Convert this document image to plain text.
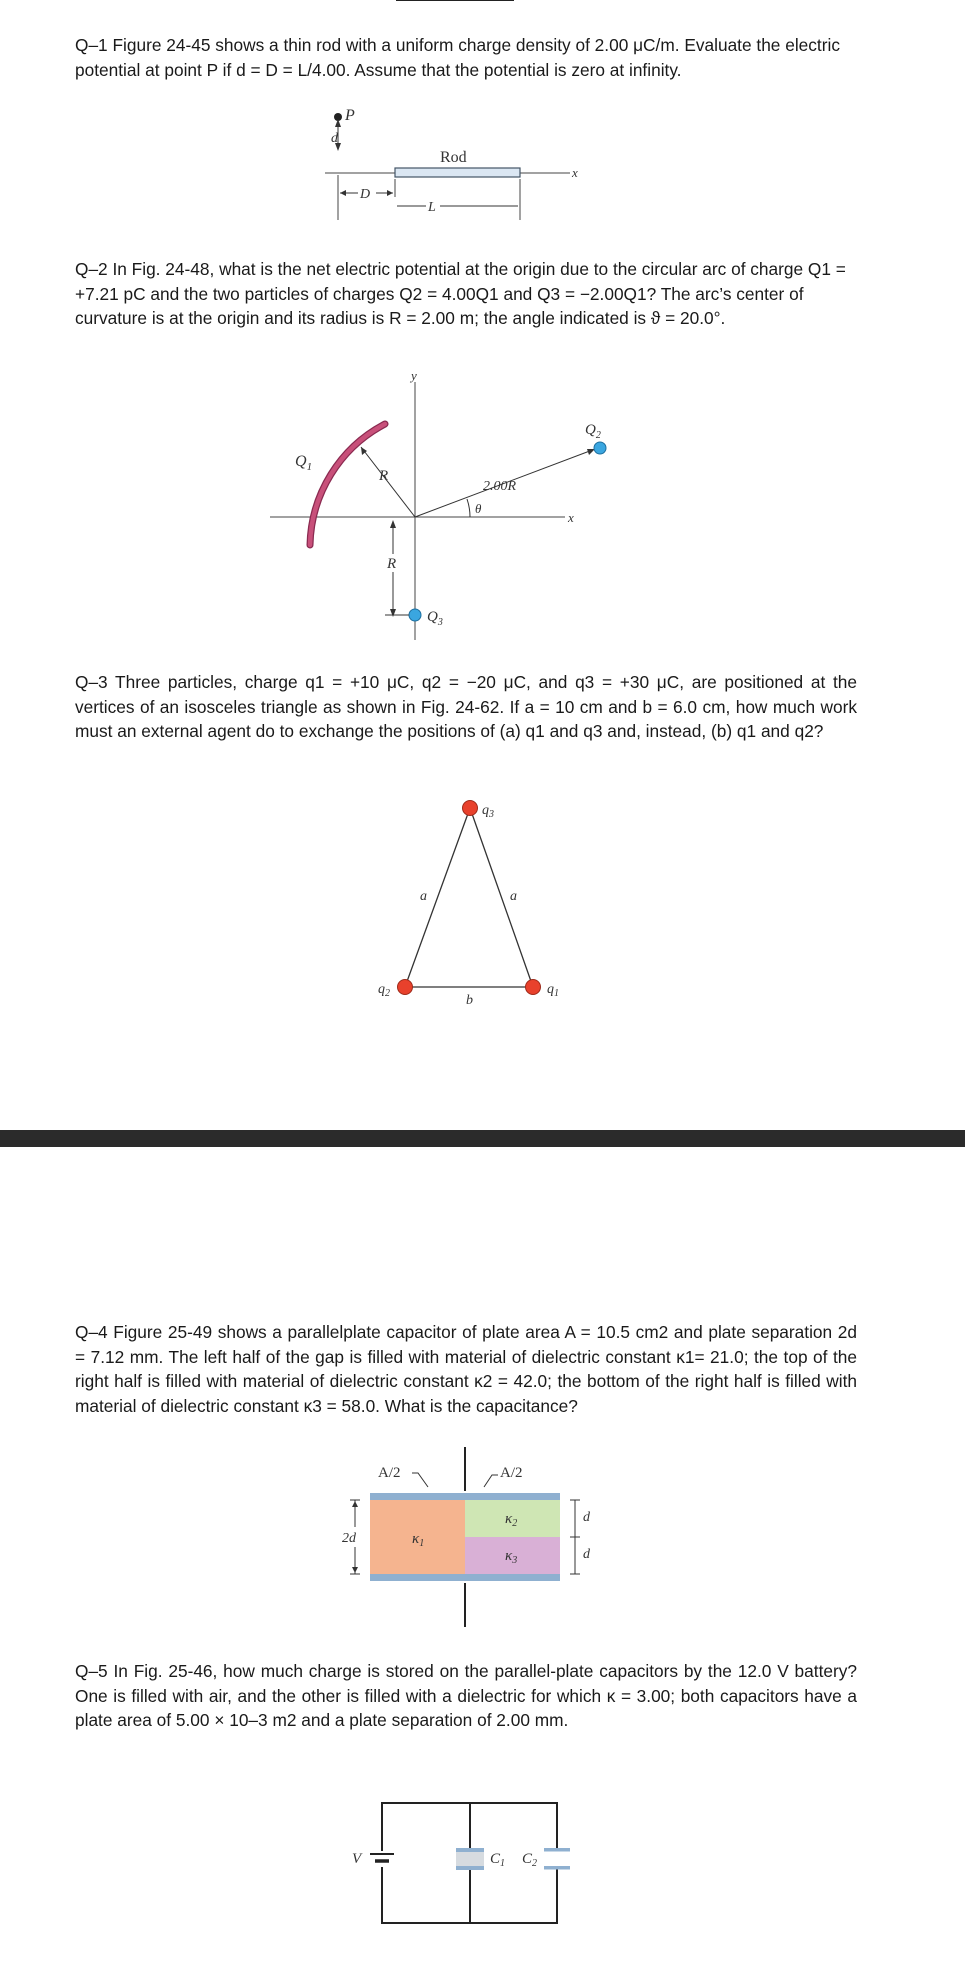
Q–1 Figure 24-45 shows a thin rod with a uniform charge density of 2.00 μC/m. Evaluate the electric potential at point P if d = D = L/4.00. Assume that the potential is zero at infinity.

P
d
x
Rod
D
L

Q–2 In Fig. 24-48, what is the net electric potential at the origin due to the circular arc of charge Q1 = +7.21 pC and the two particles of charges Q2 = 4.00Q1 and Q3 = −2.00Q1? The arc’s center of curvature is at the origin and its radius is R = 2.00 m; the angle indicated is ϑ = 20.0°.

y
x
$Q_1$
R
2.00R
θ
$Q_2$
$Q_3$
R

Q–3 Three particles, charge q1 = +10 μC, q2 = −20 μC, and q3 = +30 μC, are positioned at the vertices of an isosceles triangle as shown in Fig. 24-62. If a = 10 cm and b = 6.0 cm, how much work must an external agent do to exchange the positions of (a) q1 and q3 and, instead, (b) q1 and q2?

$q_3$
$q_2$	$q_1$
a	a
b

Q–4 Figure 25-49 shows a parallelplate capacitor of plate area A = 10.5 cm2 and plate separation 2d = 7.12 mm. The left half of the gap is filled with material of dielectric constant κ1= 21.0; the top of the right half is filled with material of dielectric constant κ2 = 42.0; the bottom of the right half is filled with material of dielectric constant κ3 = 58.0. What is the capacitance?

A/2	A/2
$\kappa_1$
$\kappa_2$
$\kappa_3$
2d
d
d

Q–5 In Fig. 25-46, how much charge is stored on the parallel-plate capacitors by the 12.0 V battery? One is filled with air, and the other is filled with a dielectric for which κ = 3.00; both capacitors have a plate area of 5.00 × 10–3 m2 and a plate separation of 2.00 mm.

V	$C_1$ $C_2$
